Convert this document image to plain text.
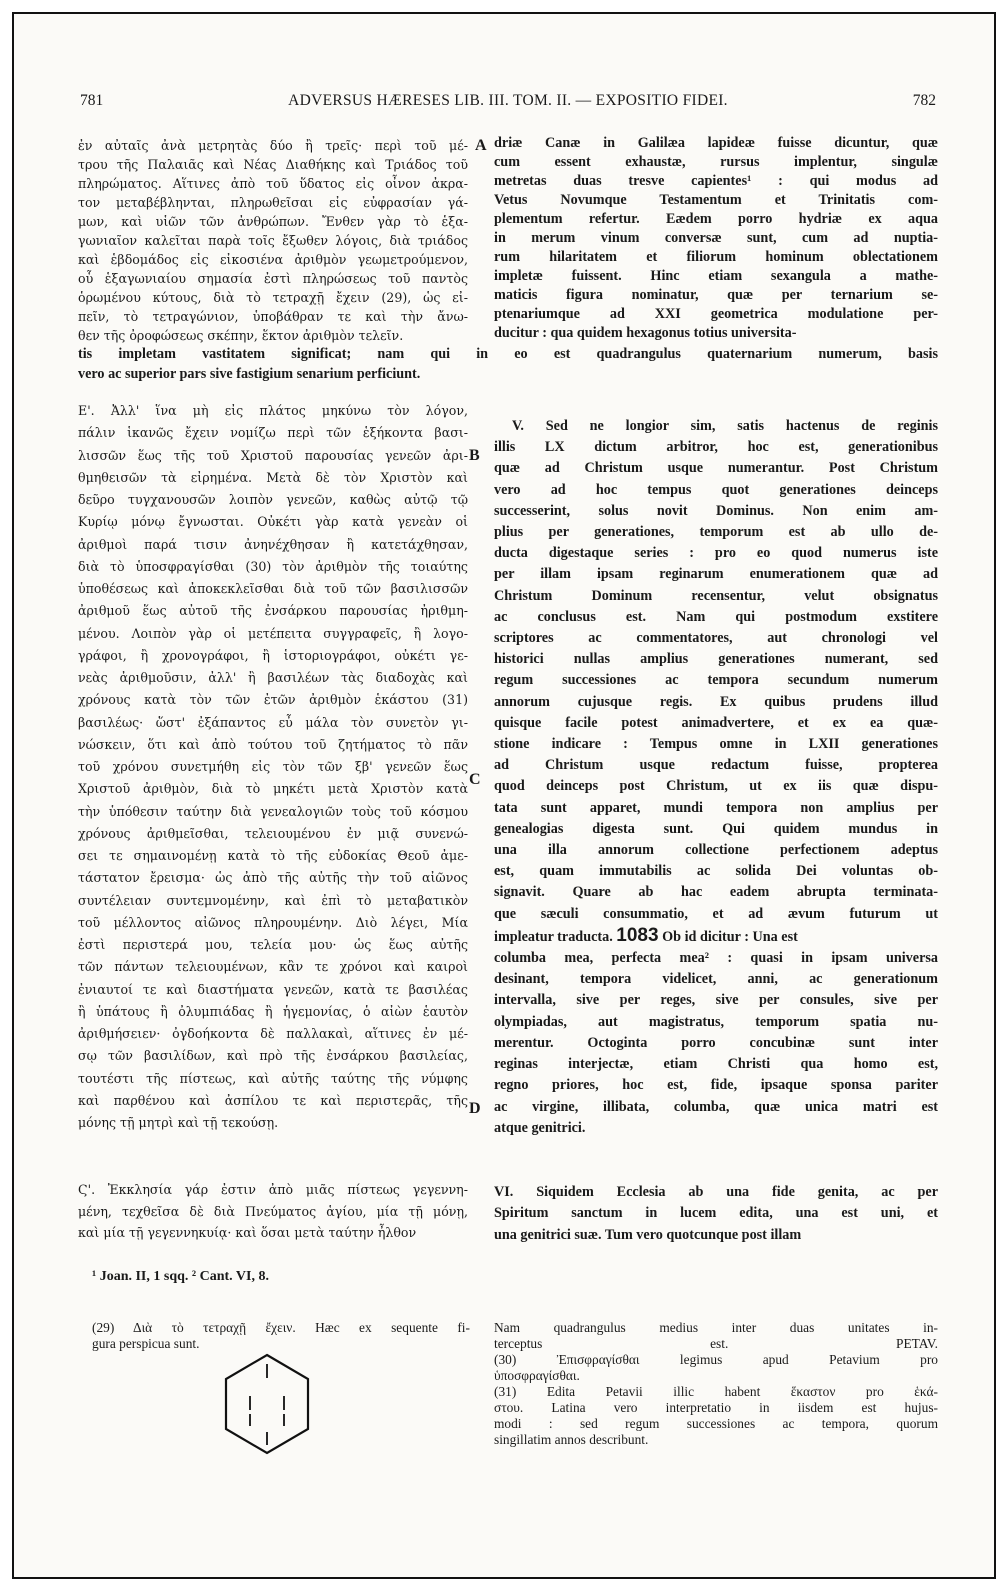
781	ADVERSUS HÆRESES LIB. III. TOM. II. — EXPOSITIO FIDEI.	782
A
B
C
D

ἐν αὐταῖς ἀνὰ μετρητὰς δύο ἢ τρεῖς· περὶ τοῦ μέ-

τρου τῆς Παλαιᾶς καὶ Νέας Διαθήκης καὶ Τριάδος τοῦ

πληρώματος. Αἵτινες ἀπὸ τοῦ ὕδατος εἰς οἶνον ἀκρα-

τον μεταβέβληνται, πληρωθεῖσαι εἰς εὐφρασίαν γά-

μων, καὶ υἱῶν τῶν ἀνθρώπων. Ἔνθεν γὰρ τὸ ἑξα-

γωνιαῖον καλεῖται παρὰ τοῖς ἔξωθεν λόγοις, διὰ τριάδος

καὶ ἑβδομάδος εἰς εἰκοσιένα ἀριθμὸν γεωμετρούμενον,

οὗ ἑξαγωνιαίου σημασία ἐστὶ πληρώσεως τοῦ παντὸς

ὁρωμένου κύτους, διὰ τὸ τετραχῇ ἔχειν (29), ὡς εἰ-

πεῖν, τὸ τετραγώνιον, ὑποβάθραν τε καὶ τὴν ἄνω-

θεν τῆς ὀροφώσεως σκέπην, ἕκτον ἀριθμὸν τελεῖν.

driæ Canæ in Galilæa lapideæ fuisse dicuntur, quæ

cum essent exhaustæ, rursus implentur, singulæ

metretas duas tresve capientes¹ : qui modus ad

Vetus Novumque Testamentum et Trinitatis com-

plementum refertur. Eædem porro hydriæ ex aqua

in merum vinum conversæ sunt, cum ad nuptia-

rum hilaritatem et filiorum hominum oblectationem

impletæ fuissent. Hinc etiam sexangula a mathe-

maticis figura nominatur, quæ per ternarium se-

ptenariumque ad XXI geometrica modulatione per-

ducitur : qua quidem hexagonus totius universita-

tis impletam vastitatem significat; nam qui in eo est quadrangulus quaternarium numerum, basis

vero ac superior pars sive fastigium senarium perficiunt.

Ε'. Ἀλλ' ἵνα μὴ εἰς πλάτος μηκύνω τὸν λόγον,

πάλιν ἱκανῶς ἔχειν νομίζω περὶ τῶν ἑξήκοντα βασι-

λισσῶν ἕως τῆς τοῦ Χριστοῦ παρουσίας γενεῶν ἀρι-

θμηθεισῶν τὰ εἰρημένα. Μετὰ δὲ τὸν Χριστὸν καὶ

δεῦρο τυγχανουσῶν λοιπὸν γενεῶν, καθὼς αὐτῷ τῷ

Κυρίῳ μόνῳ ἔγνωσται. Οὐκέτι γὰρ κατὰ γενεὰν οἱ

ἀριθμοὶ παρά τισιν ἀνηνέχθησαν ἢ κατετάχθησαν,

διὰ τὸ ὑποσφραγίσθαι (30) τὸν ἀριθμὸν τῆς τοιαύτης

ὑποθέσεως καὶ ἀποκεκλεῖσθαι διὰ τοῦ τῶν βασιλισσῶν

ἀριθμοῦ ἕως αὐτοῦ τῆς ἐνσάρκου παρουσίας ἠριθμη-

μένου. Λοιπὸν γὰρ οἱ μετέπειτα συγγραφεῖς, ἢ λογο-

γράφοι, ἢ χρονογράφοι, ἢ ἱστοριογράφοι, οὐκέτι γε-

νεὰς ἀριθμοῦσιν, ἀλλ' ἢ βασιλέων τὰς διαδοχὰς καὶ

χρόνους κατὰ τὸν τῶν ἐτῶν ἀριθμὸν ἑκάστου (31)

βασιλέως· ὥστ' ἐξάπαντος εὖ μάλα τὸν συνετὸν γι-

νώσκειν, ὅτι καὶ ἀπὸ τούτου τοῦ ζητήματος τὸ πᾶν

τοῦ χρόνου συνετμήθη εἰς τὸν τῶν ξβ' γενεῶν ἕως

Χριστοῦ ἀριθμὸν, διὰ τὸ μηκέτι μετὰ Χριστὸν κατὰ

τὴν ὑπόθεσιν ταύτην διὰ γενεαλογιῶν τοὺς τοῦ κόσμου

χρόνους ἀριθμεῖσθαι, τελειουμένου ἐν μιᾷ συνενώ-

σει τε σημαινομένῃ κατὰ τὸ τῆς εὐδοκίας Θεοῦ ἀμε-

τάστατον ἔρεισμα· ὡς ἀπὸ τῆς αὐτῆς τὴν τοῦ αἰῶνος

συντέλειαν συντεμνομένην, καὶ ἐπὶ τὸ μεταβατικὸν

τοῦ μέλλοντος αἰῶνος πληρουμένην. Διὸ λέγει, Μία

ἐστὶ περιστερά μου, τελεία μου· ὡς ἕως αὐτῆς

τῶν πάντων τελειουμένων, κἂν τε χρόνοι καὶ καιροὶ

ἐνιαυτοί τε καὶ διαστήματα γενεῶν, κατὰ τε βασιλέας

ἢ ὑπάτους ἢ ὀλυμπιάδας ἢ ἡγεμονίας, ὁ αἰὼν ἑαυτὸν

ἀριθμήσειεν· ὀγδοήκοντα δὲ παλλακαὶ, αἵτινες ἐν μέ-

σῳ τῶν βασιλίδων, καὶ πρὸ τῆς ἐνσάρκου βασιλείας,

τουτέστι τῆς πίστεως, καὶ αὐτῆς ταύτης τῆς νύμφης

καὶ παρθένου καὶ ἀσπίλου τε καὶ περιστερᾶς, τῆς

μόνης τῇ μητρὶ καὶ τῇ τεκούσῃ.

Ϛ'. Ἐκκλησία γάρ ἐστιν ἀπὸ μιᾶς πίστεως γεγεννη-

μένη, τεχθεῖσα δὲ διὰ Πνεύματος ἁγίου, μία τῇ μόνῃ,

καὶ μία τῇ γεγεννηκυίᾳ· καὶ ὅσαι μετὰ ταύτην ἦλθον

V. Sed ne longior sim, satis hactenus de reginis

illis LX dictum arbitror, hoc est, generationibus

quæ ad Christum usque numerantur. Post Christum

vero ad hoc tempus quot generationes deinceps

successerint, solus novit Dominus. Non enim am-

plius per generationes, temporum est ab ullo de-

ducta digestaque series : pro eo quod numerus iste

per illam ipsam reginarum enumerationem quæ ad

Christum Dominum recensentur, velut obsignatus

ac conclusus est. Nam qui postmodum exstitere

scriptores ac commentatores, aut chronologi vel

historici nullas amplius generationes numerant, sed

regum successiones ac tempora secundum numerum

annorum cujusque regis. Ex quibus prudens illud

quisque facile potest animadvertere, et ex ea quæ-

stione indicare : Tempus omne in LXII generationes

ad Christum usque redactum fuisse, propterea

quod deinceps post Christum, ut ex iis quæ dispu-

tata sunt apparet, mundi tempora non amplius per

genealogias digesta sunt. Qui quidem mundus in

una illa annorum collectione perfectionem adeptus

est, quam immutabilis ac solida Dei voluntas ob-

signavit. Quare ab hac eadem abrupta terminata-

que sæculi consummatio, et ad ævum futurum ut

impleatur traducta. 1083 Ob id dicitur : Una est

columba mea, perfecta mea² : quasi in ipsam universa

desinant, tempora videlicet, anni, ac generationum

intervalla, sive per reges, sive per consules, sive per

olympiadas, aut magistratus, temporum spatia nu-

merentur. Octoginta porro concubinæ sunt inter

reginas interjectæ, etiam Christi qua homo est,

regno priores, hoc est, fide, ipsaque sponsa pariter

ac virgine, illibata, columba, quæ unica matri est

atque genitrici.

VI. Siquidem Ecclesia ab una fide genita, ac per

Spiritum sanctum in lucem edita, una est uni, et

una genitrici suæ. Tum vero quotcunque post illam

¹ Joan. II, 1 sqq. ² Cant. VI, 8.

(29) Διὰ τὸ τετραχῇ ἔχειν. Hæc ex sequente fi-

gura perspicua sunt.

Nam quadrangulus medius inter duas unitates in-

terceptus est. PETAV.

(30) Ἐπισφραγίσθαι legimus apud Petavium pro

ὑποσφραγίσθαι.

(31) Edita Petavii illic habent ἕκαστον pro ἑκά-

στου. Latina vero interpretatio in iisdem est hujus-

modi : sed regum successiones ac tempora, quorum

singillatim annos describunt.
